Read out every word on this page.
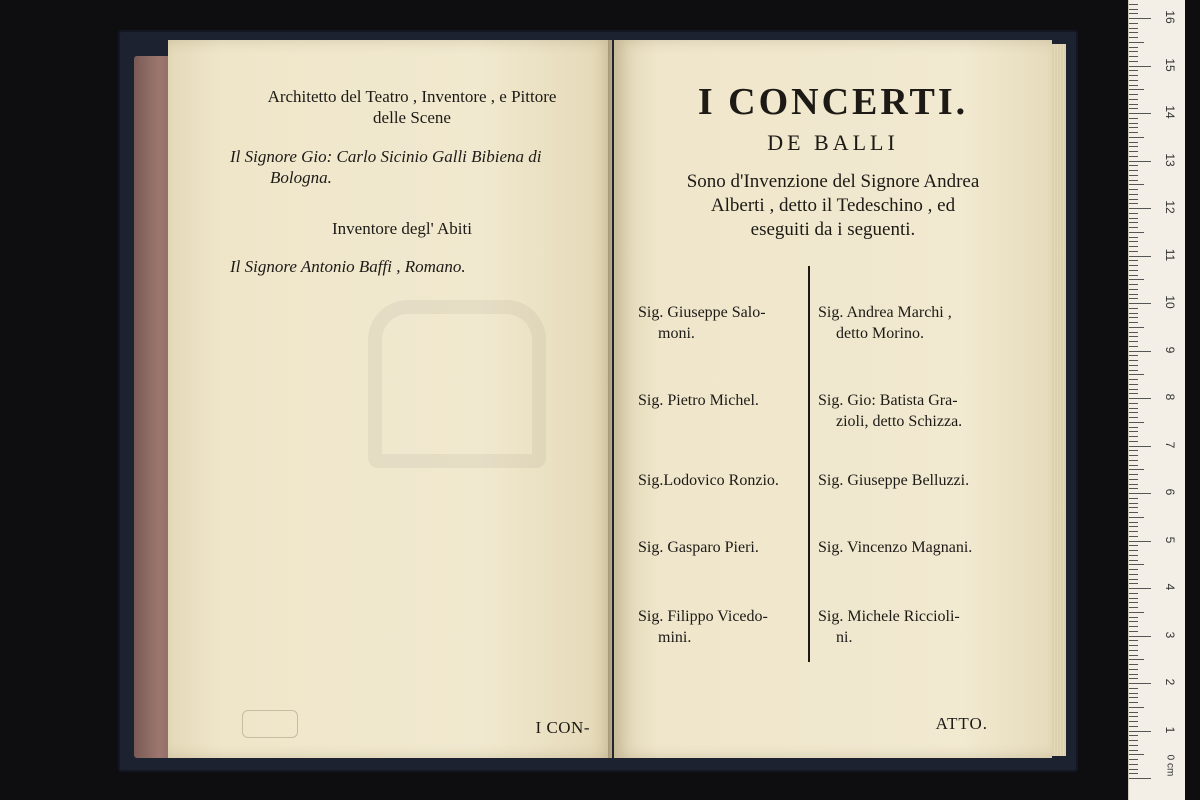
Architetto del Teatro , Inventore , e Pittore
delle Scene
Il Signore Gio: Carlo Sicinio Galli Bibiena di
Bologna.
Inventore degl' Abiti
Il Signore Antonio Baffi , Romano.
I CON-
I CONCERTI.
DE BALLI
Sono d'Invenzione del Signore Andrea
Alberti , detto il Tedeschino , ed
eseguiti da i seguenti.
Sig. Giuseppe Salo-
moni.
Sig. Pietro Michel.
Sig.Lodovico Ronzio.
Sig. Gasparo Pieri.
Sig. Filippo Vicedo-
mini.
Sig. Andrea Marchi ,
detto Morino.
Sig. Gio: Batista Gra-
zioli, detto Schizza.
Sig. Giuseppe Belluzzi.
Sig. Vincenzo Magnani.
Sig. Michele Riccioli-
ni.
ATTO.
0 cm
1
2
3
4
5
6
7
8
9
10
11
12
13
14
15
16
